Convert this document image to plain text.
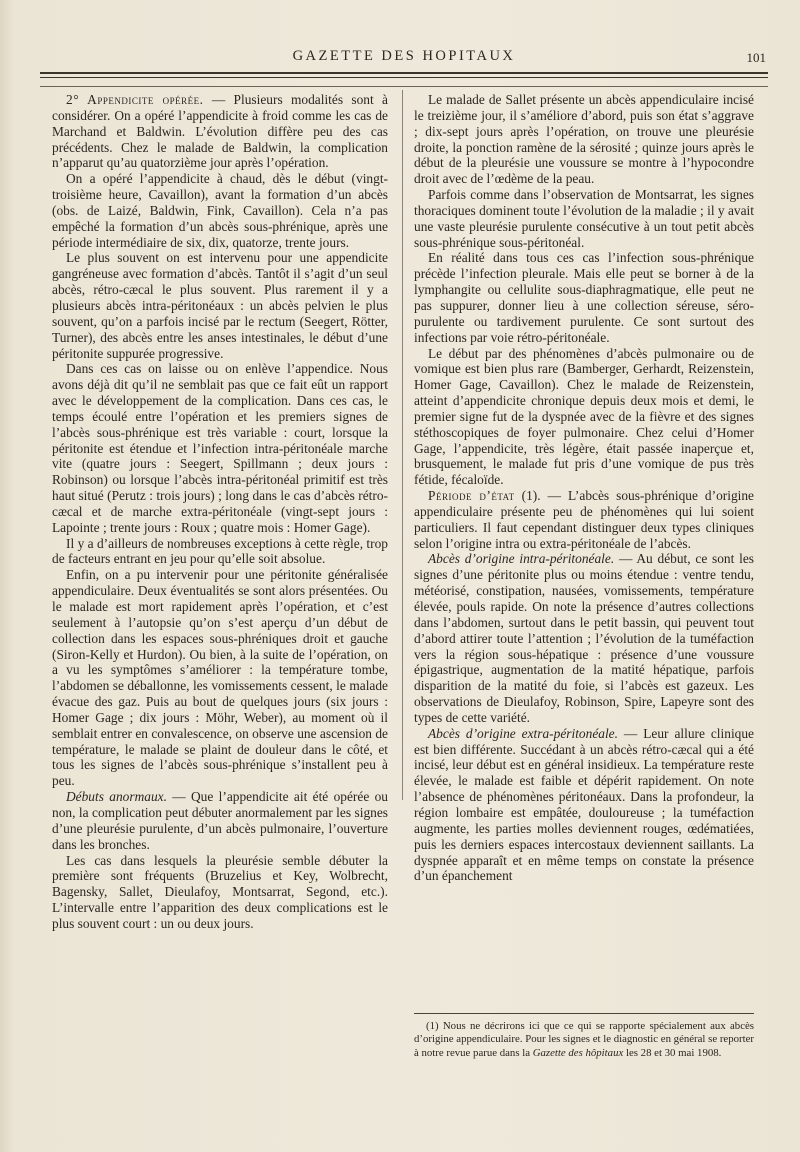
GAZETTE DES HOPITAUX	101

2° Appendicite opérée. — Plusieurs modalités sont à considérer. On a opéré l’appendicite à froid comme les cas de Marchand et Baldwin. L’évolution diffère peu des cas précédents. Chez le malade de Baldwin, la complication n’apparut qu’au quatorzième jour après l’opération.

On a opéré l’appendicite à chaud, dès le début (vingt-troisième heure, Cavaillon), avant la formation d’un abcès (obs. de Laizé, Baldwin, Fink, Cavaillon). Cela n’a pas empêché la formation d’un abcès sous-phrénique, après une période intermédiaire de six, dix, quatorze, trente jours.

Le plus souvent on est intervenu pour une appendicite gangréneuse avec formation d’abcès. Tantôt il s’agit d’un seul abcès, rétro-cæcal le plus souvent. Plus rarement il y a plusieurs abcès intra-péritonéaux : un abcès pelvien le plus souvent, qu’on a parfois incisé par le rectum (Seegert, Rötter, Turner), des abcès entre les anses intestinales, le début d’une péritonite suppurée progressive.

Dans ces cas on laisse ou on enlève l’appendice. Nous avons déjà dit qu’il ne semblait pas que ce fait eût un rapport avec le développement de la complication. Dans ces cas, le temps écoulé entre l’opération et les premiers signes de l’abcès sous-phrénique est très variable : court, lorsque la péritonite est étendue et l’infection intra-péritonéale marche vite (quatre jours : Seegert, Spillmann ; deux jours : Robinson) ou lorsque l’abcès intra-péritonéal primitif est très haut situé (Perutz : trois jours) ; long dans le cas d’abcès rétro-cæcal et de marche extra-péritonéale (vingt-sept jours : Lapointe ; trente jours : Roux ; quatre mois : Homer Gage).

Il y a d’ailleurs de nombreuses exceptions à cette règle, trop de facteurs entrant en jeu pour qu’elle soit absolue.

Enfin, on a pu intervenir pour une péritonite généralisée appendiculaire. Deux éventualités se sont alors présentées. Ou le malade est mort rapidement après l’opération, et c’est seulement à l’autopsie qu’on s’est aperçu d’un début de collection dans les espaces sous-phréniques droit et gauche (Siron-Kelly et Hurdon). Ou bien, à la suite de l’opération, on a vu les symptômes s’améliorer : la température tombe, l’abdomen se déballonne, les vomissements cessent, le malade évacue des gaz. Puis au bout de quelques jours (six jours : Homer Gage ; dix jours : Möhr, Weber), au moment où il semblait entrer en convalescence, on observe une ascension de température, le malade se plaint de douleur dans le côté, et tous les signes de l’abcès sous-phrénique s’installent peu à peu.

Débuts anormaux. — Que l’appendicite ait été opérée ou non, la complication peut débuter anormalement par les signes d’une pleurésie purulente, d’un abcès pulmonaire, l’ouverture dans les bronches.

Les cas dans lesquels la pleurésie semble débuter la première sont fréquents (Bruzelius et Key, Wolbrecht, Bagensky, Sallet, Dieulafoy, Montsarrat, Segond, etc.). L’intervalle entre l’apparition des deux complications est le plus souvent court : un ou deux jours.

Le malade de Sallet présente un abcès appendiculaire incisé le treizième jour, il s’améliore d’abord, puis son état s’aggrave ; dix-sept jours après l’opération, on trouve une pleurésie droite, la ponction ramène de la sérosité ; quinze jours après le début de la pleurésie une voussure se montre à l’hypocondre droit avec de l’œdème de la peau.

Parfois comme dans l’observation de Montsarrat, les signes thoraciques dominent toute l’évolution de la maladie ; il y avait une vaste pleurésie purulente consécutive à un tout petit abcès sous-phrénique sous-péritonéal.

En réalité dans tous ces cas l’infection sous-phrénique précède l’infection pleurale. Mais elle peut se borner à de la lymphangite ou cellulite sous-diaphragmatique, elle peut ne pas suppurer, donner lieu à une collection séreuse, séro-purulente ou tardivement purulente. Ce sont surtout des infections par voie rétro-péritonéale.

Le début par des phénomènes d’abcès pulmonaire ou de vomique est bien plus rare (Bamberger, Gerhardt, Reizenstein, Homer Gage, Cavaillon). Chez le malade de Reizenstein, atteint d’appendicite chronique depuis deux mois et demi, le premier signe fut de la dyspnée avec de la fièvre et des signes stéthoscopiques de foyer pulmonaire. Chez celui d’Homer Gage, l’appendicite, très légère, était passée inaperçue et, brusquement, le malade fut pris d’une vomique de pus très fétide, fécaloïde.

Période d’état (1). — L’abcès sous-phrénique d’origine appendiculaire présente peu de phénomènes qui lui soient particuliers. Il faut cependant distinguer deux types cliniques selon l’origine intra ou extra-péritonéale de l’abcès.

Abcès d’origine intra-péritonéale. — Au début, ce sont les signes d’une péritonite plus ou moins étendue : ventre tendu, météorisé, constipation, nausées, vomissements, température élevée, pouls rapide. On note la présence d’autres collections dans l’abdomen, surtout dans le petit bassin, qui peuvent tout d’abord attirer toute l’attention ; l’évolution de la tuméfaction vers la région sous-hépatique : présence d’une voussure épigastrique, augmentation de la matité hépatique, parfois disparition de la matité du foie, si l’abcès est gazeux. Les observations de Dieulafoy, Robinson, Spire, Lapeyre sont des types de cette variété.

Abcès d’origine extra-péritonéale. — Leur allure clinique est bien différente. Succédant à un abcès rétro-cæcal qui a été incisé, leur début est en général insidieux. La température reste élevée, le malade est faible et dépérit rapidement. On note l’absence de phénomènes péritonéaux. Dans la profondeur, la région lombaire est empâtée, douloureuse ; la tuméfaction augmente, les parties molles deviennent rouges, œdématiées, puis les derniers espaces intercostaux deviennent saillants. La dyspnée apparaît et en même temps on constate la présence d’un épanchement

(1) Nous ne décrirons ici que ce qui se rapporte spécialement aux abcès d’origine appendiculaire. Pour les signes et le diagnostic en général se reporter à notre revue parue dans la Gazette des hôpitaux les 28 et 30 mai 1908.
